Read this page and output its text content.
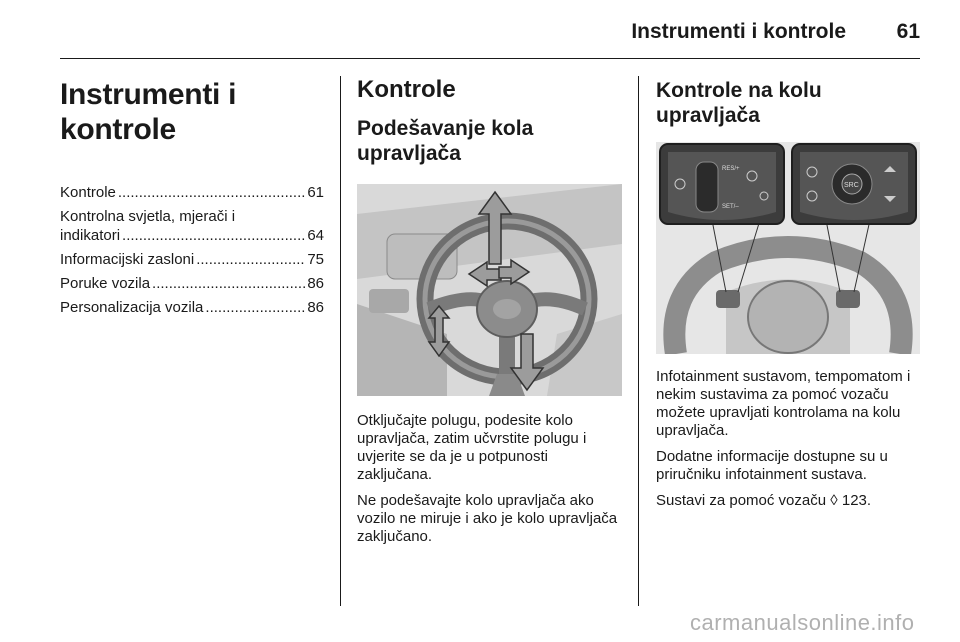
Instrumenti i kontrole	61
Instrumenti i kontrole
Kontrole .....	61
Kontrolna svjetla, mjerači i
indikatori .....	64
Informacijski zasloni .....	75
Poruke vozila .....	86
Personalizacija vozila .....	86
Kontrole
Podešavanje kola upravljača

Otključajte polugu, podesite kolo upravljača, zatim učvrstite polugu i uvjerite se da je u potpunosti zaključana.

Ne podešavajte kolo upravljača ako vozilo ne miruje i ako je kolo upravljača zaključano.

Kontrole na kolu upravljača
RES/+
SET/–
SRC

Infotainment sustavom, tempomatom i nekim sustavima za pomoć vozaču možete upravljati kontrolama na kolu upravljača.

Dodatne informacije dostupne su u priručniku infotainment sustava.

Sustavi za pomoć vozaču ◊ 123.

carmanualsonline.info
